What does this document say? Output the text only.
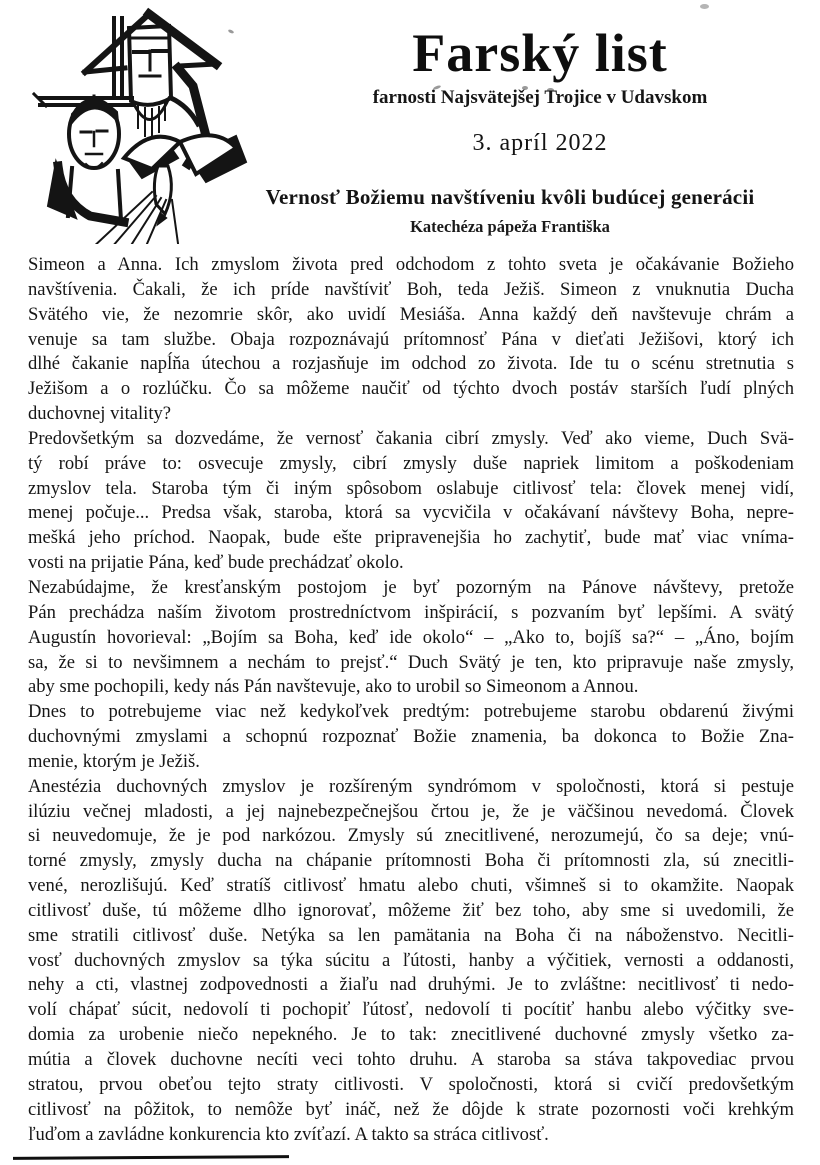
Farský list
farnosti Najsvätejšej Trojice v Udavskom
3. apríl 2022
Vernosť Božiemu navštíveniu kvôli budúcej generácii
Katechéza pápeža Františka
Simeon a Anna. Ich zmyslom života pred odchodom z tohto sveta je očakávanie Božieho
navštívenia. Čakali, že ich príde navštíviť Boh, teda Ježiš. Simeon z vnuknutia Ducha
Svätého vie, že nezomrie skôr, ako uvidí Mesiáša. Anna každý deň navštevuje chrám a
venuje sa tam službe. Obaja rozpoznávajú prítomnosť Pána v dieťati Ježišovi, ktorý ich
dlhé čakanie napĺňa útechou a rozjasňuje im odchod zo života. Ide tu o scénu stretnutia s
Ježišom a o rozlúčku. Čo sa môžeme naučiť od týchto dvoch postáv starších ľudí plných
duchovnej vitality?
Predovšetkým sa dozvedáme, že vernosť čakania cibrí zmysly. Veď ako vieme, Duch Svä-
tý robí práve to: osvecuje zmysly, cibrí zmysly duše napriek limitom a poškodeniam
zmyslov tela. Staroba tým či iným spôsobom oslabuje citlivosť tela: človek menej vidí,
menej počuje... Predsa však, staroba, ktorá sa vycvičila v očakávaní návštevy Boha, nepre-
mešká jeho príchod. Naopak, bude ešte pripravenejšia ho zachytiť, bude mať viac vníma-
vosti na prijatie Pána, keď bude prechádzať okolo.
Nezabúdajme, že kresťanským postojom je byť pozorným na Pánove návštevy, pretože
Pán prechádza naším životom prostredníctvom inšpirácií, s pozvaním byť lepšími. A svätý
Augustín hovorieval: „Bojím sa Boha, keď ide okolo“ – „Ako to, bojíš sa?“ – „Áno, bojím
sa, že si to nevšimnem a nechám to prejsť.“ Duch Svätý je ten, kto pripravuje naše zmysly,
aby sme pochopili, kedy nás Pán navštevuje, ako to urobil so Simeonom a Annou.
Dnes to potrebujeme viac než kedykoľvek predtým: potrebujeme starobu obdarenú živými
duchovnými zmyslami a schopnú rozpoznať Božie znamenia, ba dokonca to Božie Zna-
menie, ktorým je Ježiš.
Anestézia duchovných zmyslov je rozšíreným syndrómom v spoločnosti, ktorá si pestuje
ilúziu večnej mladosti, a jej najnebezpečnejšou črtou je, že je väčšinou nevedomá. Človek
si neuvedomuje, že je pod narkózou. Zmysly sú znecitlivené, nerozumejú, čo sa deje; vnú-
torné zmysly, zmysly ducha na chápanie prítomnosti Boha či prítomnosti zla, sú znecitli-
vené, nerozlišujú. Keď stratíš citlivosť hmatu alebo chuti, všimneš si to okamžite. Naopak
citlivosť duše, tú môžeme dlho ignorovať, môžeme žiť bez toho, aby sme si uvedomili, že
sme stratili citlivosť duše. Netýka sa len pamätania na Boha či na náboženstvo. Necitli-
vosť duchovných zmyslov sa týka súcitu a ľútosti, hanby a výčitiek, vernosti a oddanosti,
nehy a cti, vlastnej zodpovednosti a žiaľu nad druhými. Je to zvláštne: necitlivosť ti nedo-
volí chápať súcit, nedovolí ti pochopiť ľútosť, nedovolí ti pocítiť hanbu alebo výčitky sve-
domia za urobenie niečo nepekného. Je to tak: znecitlivené duchovné zmysly všetko za-
mútia a človek duchovne necíti veci tohto druhu. A staroba sa stáva takpovediac prvou
stratou, prvou obeťou tejto straty citlivosti. V spoločnosti, ktorá si cvičí predovšetkým
citlivosť na pôžitok, to nemôže byť ináč, než že dôjde k strate pozornosti voči krehkým
ľuďom a zavládne konkurencia kto zvíťazí. A takto sa stráca citlivosť.
